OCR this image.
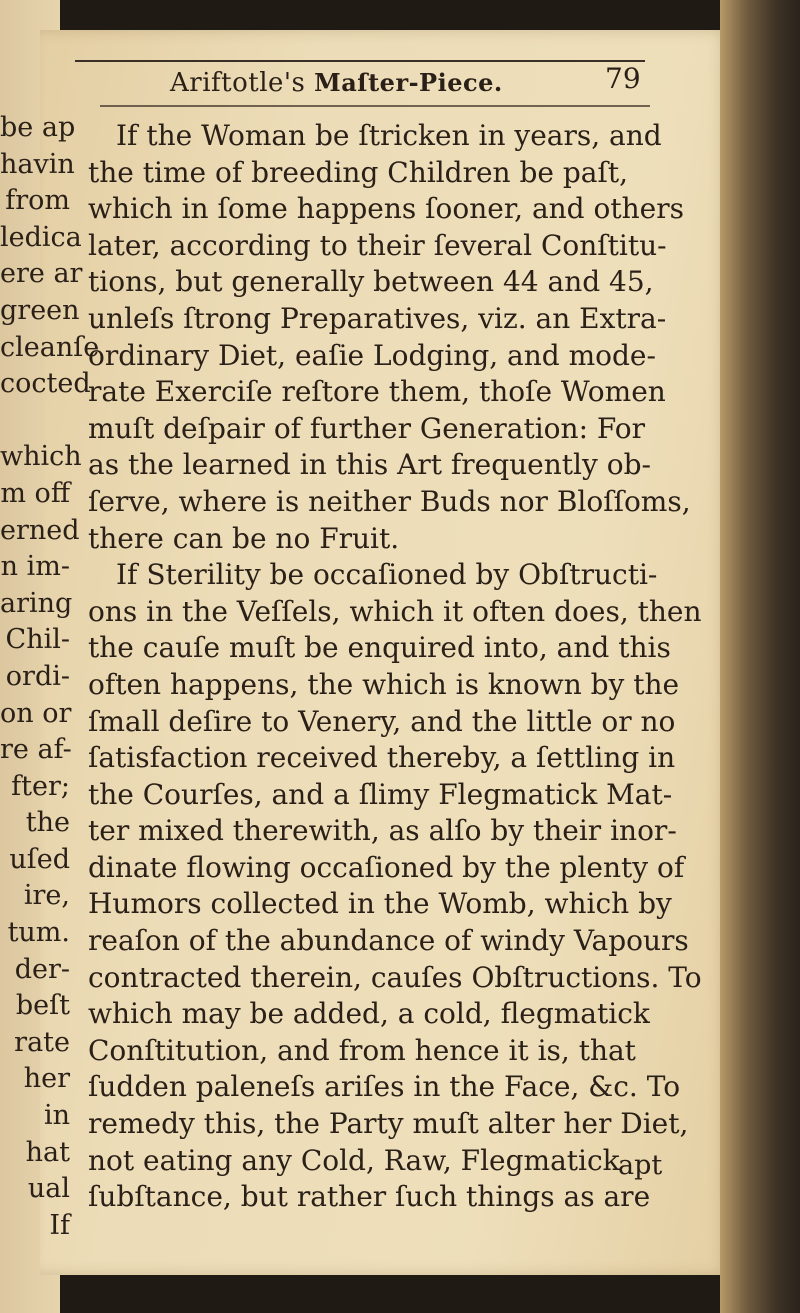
be ap
havin
from
ledica
ere ar
green
cleanſe
cocted
which
m off
erned
n im-
aring
Chil-
ordi-
on or
re af-
fter;
the
uſed
ire,
tum.
der-
beſt
rate
her
in
hat
ual
If
Ariftotle's Maſter-Piece.	79
If the Woman be ſtricken in years, and
the time of breeding Children be paſt,
which in ſome happens ſooner, and others
later, according to their ſeveral Conſtitu-
tions, but generally between 44 and 45,
unleſs ſtrong Preparatives, viz. an Extra-
ordinary Diet, eaſie Lodging, and mode-
rate Exerciſe reſtore them, thoſe Women
muſt deſpair of further Generation: For
as the learned in this Art frequently ob-
ſerve, where is neither Buds nor Bloſſoms,
there can be no Fruit.
If Sterility be occaſioned by Obſtructi-
ons in the Veſſels, which it often does, then
the cauſe muſt be enquired into, and this
often happens, the which is known by the
ſmall deſire to Venery, and the little or no
ſatisfaction received thereby, a ſettling in
the Courſes, and a ſlimy Flegmatick Mat-
ter mixed therewith, as alſo by their inor-
dinate flowing occaſioned by the plenty of
Humors collected in the Womb, which by
reaſon of the abundance of windy Vapours
contracted therein, cauſes Obſtructions. To
which may be added, a cold, flegmatick
Conſtitution, and from hence it is, that
ſudden paleneſs ariſes in the Face, &c. To
remedy this, the Party muſt alter her Diet,
not eating any Cold, Raw, Flegmatick
ſubſtance, but rather ſuch things as are
apt
